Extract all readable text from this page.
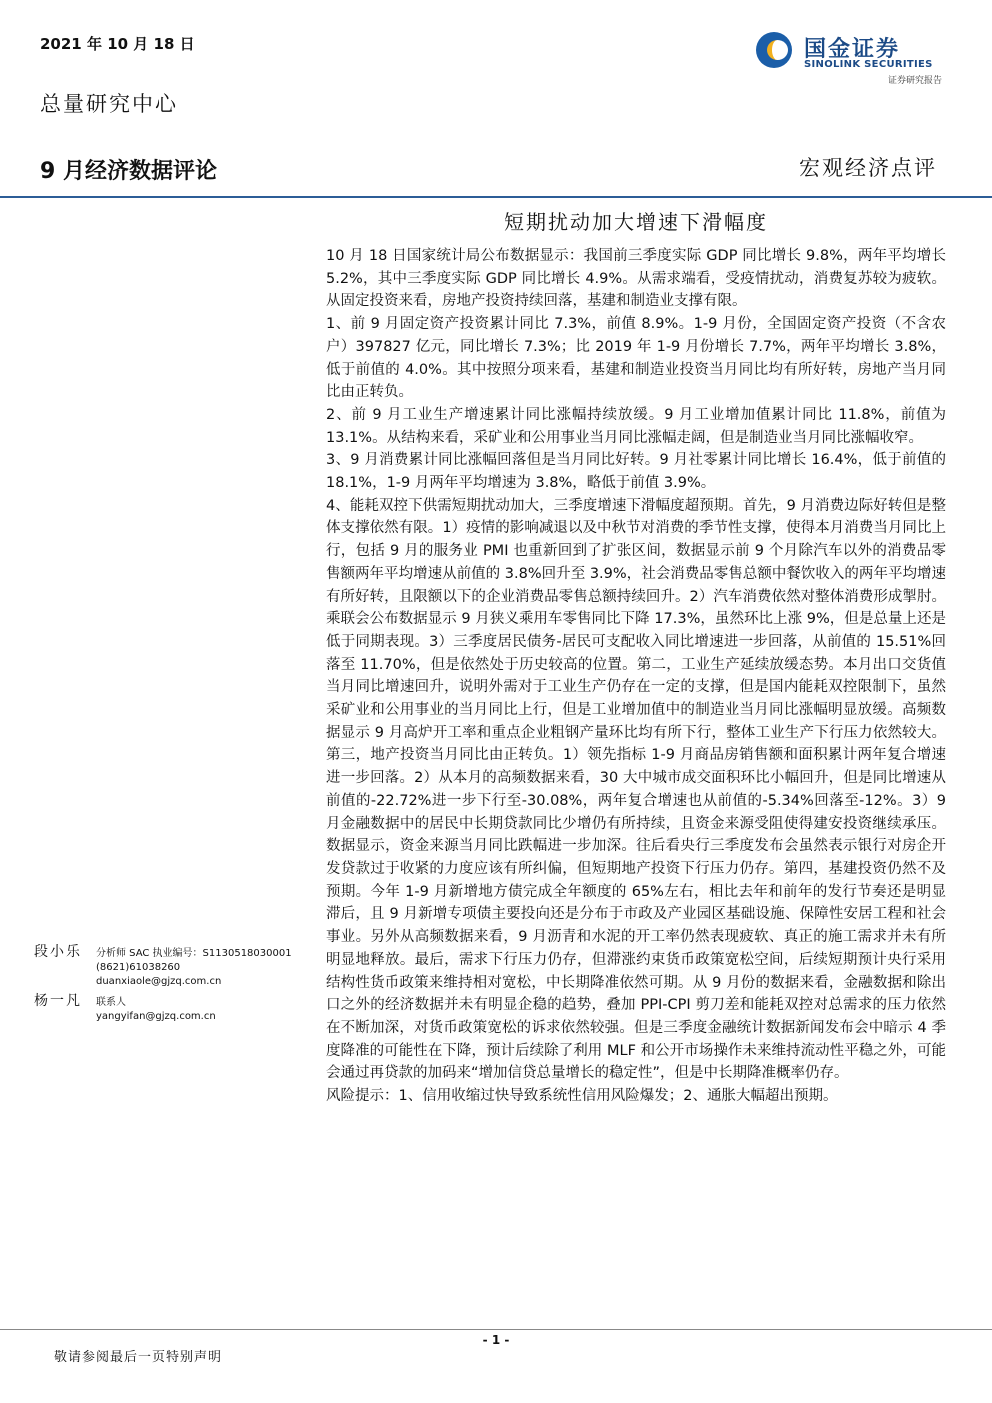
2021 年 10 月 18 日
总量研究中心
国金证券
SINOLINK SECURITIES
证券研究报告
9 月经济数据评论	宏观经济点评
短期扰动加大增速下滑幅度

10 月 18 日国家统计局公布数据显示：我国前三季度实际 GDP 同比增长 9.8%，两年平均增长 5.2%，其中三季度实际 GDP 同比增长 4.9%。从需求端看，受疫情扰动，消费复苏较为疲软。从固定投资来看，房地产投资持续回落，基建和制造业支撑有限。

1、前 9 月固定资产投资累计同比 7.3%，前值 8.9%。1-9 月份，全国固定资产投资（不含农户）397827 亿元，同比增长 7.3%；比 2019 年 1-9 月份增长 7.7%，两年平均增长 3.8%，低于前值的 4.0%。其中按照分项来看，基建和制造业投资当月同比均有所好转，房地产当月同比由正转负。

2、前 9 月工业生产增速累计同比涨幅持续放缓。9 月工业增加值累计同比 11.8%，前值为 13.1%。从结构来看，采矿业和公用事业当月同比涨幅走阔，但是制造业当月同比涨幅收窄。

3、9 月消费累计同比涨幅回落但是当月同比好转。9 月社零累计同比增长 16.4%，低于前值的 18.1%，1-9 月两年平均增速为 3.8%，略低于前值 3.9%。

4、能耗双控下供需短期扰动加大，三季度增速下滑幅度超预期。首先，9 月消费边际好转但是整体支撑依然有限。1）疫情的影响减退以及中秋节对消费的季节性支撑，使得本月消费当月同比上行，包括 9 月的服务业 PMI 也重新回到了扩张区间，数据显示前 9 个月除汽车以外的消费品零售额两年平均增速从前值的 3.8%回升至 3.9%，社会消费品零售总额中餐饮收入的两年平均增速有所好转，且限额以下的企业消费品零售总额持续回升。2）汽车消费依然对整体消费形成掣肘。乘联会公布数据显示 9 月狭义乘用车零售同比下降 17.3%，虽然环比上涨 9%，但是总量上还是低于同期表现。3）三季度居民债务-居民可支配收入同比增速进一步回落，从前值的 15.51%回落至 11.70%，但是依然处于历史较高的位置。第二，工业生产延续放缓态势。本月出口交货值当月同比增速回升，说明外需对于工业生产仍存在一定的支撑，但是国内能耗双控限制下，虽然采矿业和公用事业的当月同比上行，但是工业增加值中的制造业当月同比涨幅明显放缓。高频数据显示 9 月高炉开工率和重点企业粗钢产量环比均有所下行，整体工业生产下行压力依然较大。第三，地产投资当月同比由正转负。1）领先指标 1-9 月商品房销售额和面积累计两年复合增速进一步回落。2）从本月的高频数据来看，30 大中城市成交面积环比小幅回升，但是同比增速从前值的-22.72%进一步下行至-30.08%，两年复合增速也从前值的-5.34%回落至-12%。3）9 月金融数据中的居民中长期贷款同比少增仍有所持续，且资金来源受阻使得建安投资继续承压。数据显示，资金来源当月同比跌幅进一步加深。往后看央行三季度发布会虽然表示银行对房企开发贷款过于收紧的力度应该有所纠偏，但短期地产投资下行压力仍存。第四，基建投资仍然不及预期。今年 1-9 月新增地方债完成全年额度的 65%左右，相比去年和前年的发行节奏还是明显滞后，且 9 月新增专项债主要投向还是分布于市政及产业园区基础设施、保障性安居工程和社会事业。另外从高频数据来看，9 月沥青和水泥的开工率仍然表现疲软、真正的施工需求并未有所明显地释放。最后，需求下行压力仍存，但滞涨约束货币政策宽松空间，后续短期预计央行采用结构性货币政策来维持相对宽松，中长期降准依然可期。从 9 月份的数据来看，金融数据和除出口之外的经济数据并未有明显企稳的趋势，叠加 PPI-CPI 剪刀差和能耗双控对总需求的压力依然在不断加深，对货币政策宽松的诉求依然较强。但是三季度金融统计数据新闻发布会中暗示 4 季度降准的可能性在下降，预计后续除了利用 MLF 和公开市场操作未来维持流动性平稳之外，可能会通过再贷款的加码来“增加信贷总量增长的稳定性”，但是中长期降准概率仍存。

风险提示：1、信用收缩过快导致系统性信用风险爆发；2、通胀大幅超出预期。

段小乐 分析师 SAC 执业编号：S1130518030001
(8621)61038260
duanxiaole@gjzq.com.cn
杨一凡 联系人
yangyifan@gjzq.com.cn
- 1 -
敬请参阅最后一页特别声明
